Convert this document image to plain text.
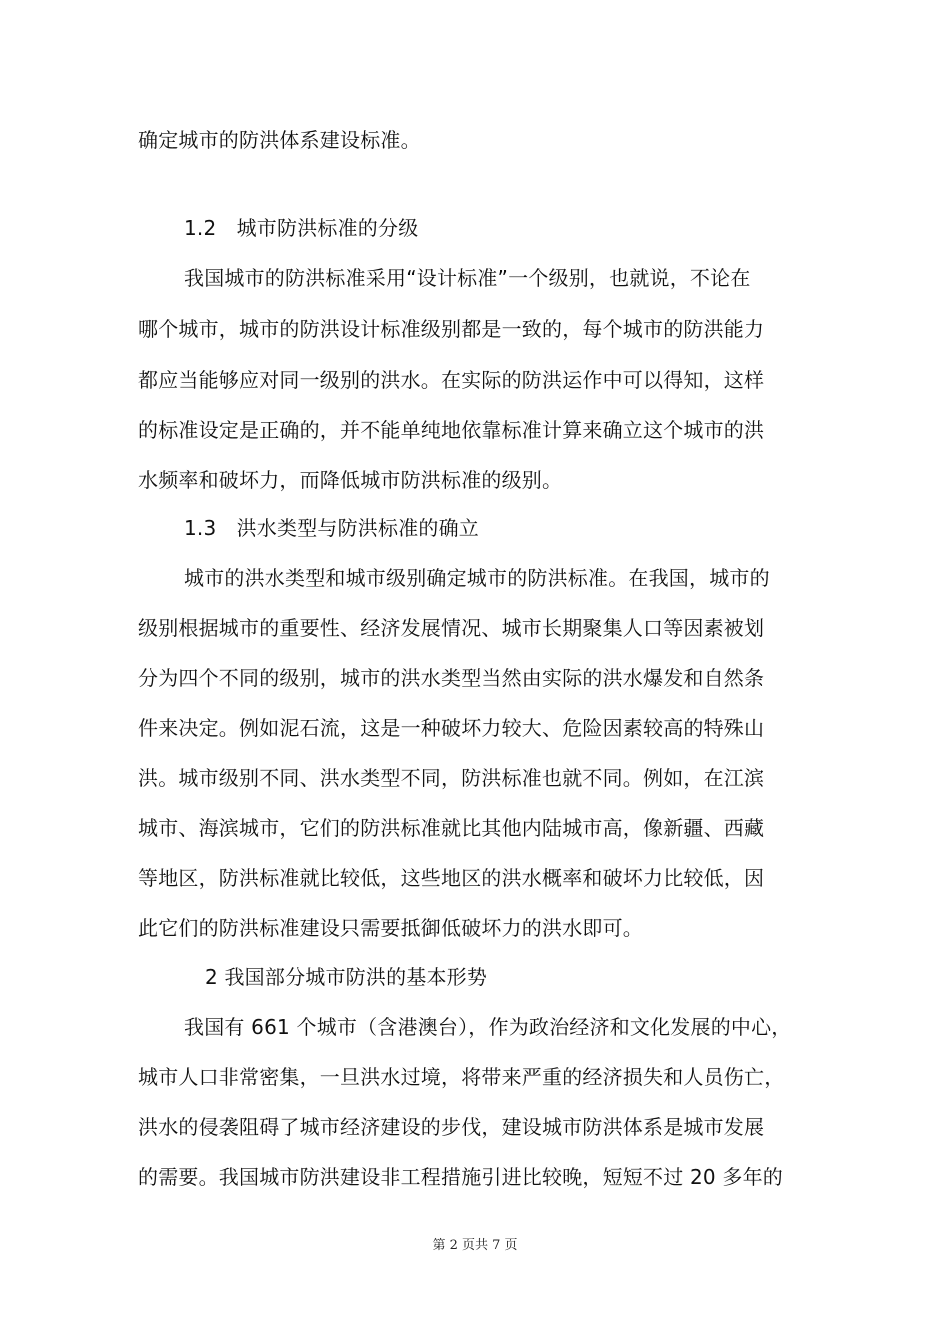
确定城市的防洪体系建设标准。
1.2　城市防洪标准的分级
我国城市的防洪标准采用“设计标准”一个级别，也就说，不论在
哪个城市，城市的防洪设计标准级别都是一致的，每个城市的防洪能力
都应当能够应对同一级别的洪水。在实际的防洪运作中可以得知，这样
的标准设定是正确的，并不能单纯地依靠标准计算来确立这个城市的洪
水频率和破坏力，而降低城市防洪标准的级别。
1.3　洪水类型与防洪标准的确立
城市的洪水类型和城市级别确定城市的防洪标准。在我国，城市的
级别根据城市的重要性、经济发展情况、城市长期聚集人口等因素被划
分为四个不同的级别，城市的洪水类型当然由实际的洪水爆发和自然条
件来决定。例如泥石流，这是一种破坏力较大、危险因素较高的特殊山
洪。城市级别不同、洪水类型不同，防洪标准也就不同。例如，在江滨
城市、海滨城市，它们的防洪标准就比其他内陆城市高，像新疆、西藏
等地区，防洪标准就比较低，这些地区的洪水概率和破坏力比较低，因
此它们的防洪标准建设只需要抵御低破坏力的洪水即可。
2 我国部分城市防洪的基本形势
我国有 661 个城市（含港澳台），作为政治经济和文化发展的中心，
城市人口非常密集，一旦洪水过境，将带来严重的经济损失和人员伤亡，
洪水的侵袭阻碍了城市经济建设的步伐，建设城市防洪体系是城市发展
的需要。我国城市防洪建设非工程措施引进比较晚，短短不过 20 多年的
第 2 页共 7 页
